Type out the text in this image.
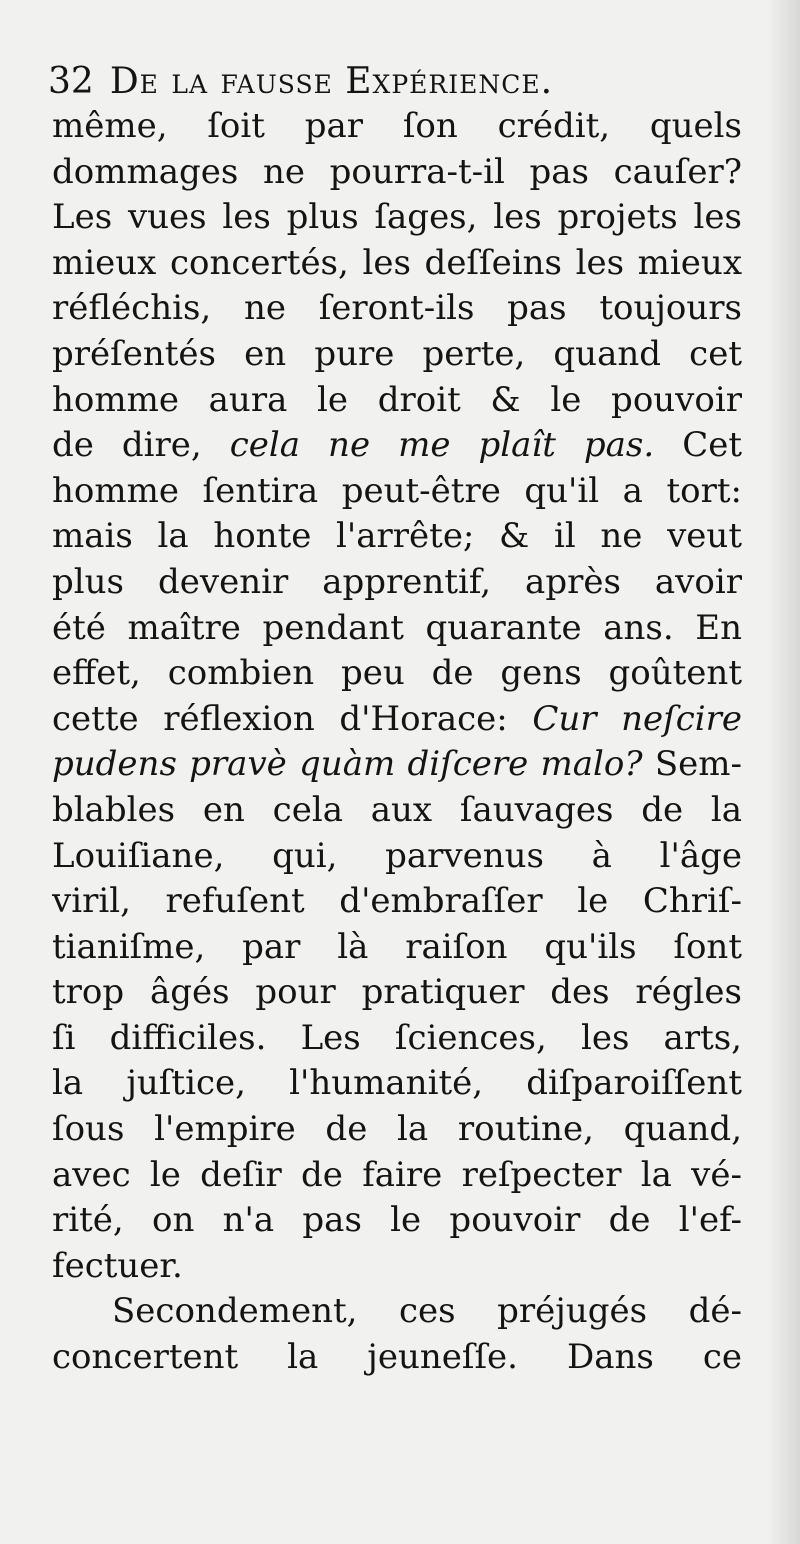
32 De la fausse Expérience.
même, ſoit par ſon crédit, quels
dommages ne pourra-t-il pas cauſer?
Les vues les plus ſages, les projets les
mieux concertés, les deſſeins les mieux
réfléchis, ne ſeront-ils pas toujours
préſentés en pure perte, quand cet
homme aura le droit & le pouvoir
de dire, cela ne me plaît pas. Cet
homme ſentira peut-être qu'il a tort:
mais la honte l'arrête; & il ne veut
plus devenir apprentif, après avoir
été maître pendant quarante ans. En
effet, combien peu de gens goûtent
cette réflexion d'Horace: Cur neſcire
pudens pravè quàm diſcere malo? Sem-
blables en cela aux ſauvages de la
Louiſiane, qui, parvenus à l'âge
viril, refuſent d'embraſſer le Chriſ-
tianiſme, par là raiſon qu'ils ſont
trop âgés pour pratiquer des régles
ſi difficiles. Les ſciences, les arts,
la juſtice, l'humanité, diſparoiſſent
ſous l'empire de la routine, quand,
avec le deſir de faire reſpecter la vé-
rité, on n'a pas le pouvoir de l'ef-
fectuer.
Secondement, ces préjugés dé-
concertent la jeuneſſe. Dans ce
